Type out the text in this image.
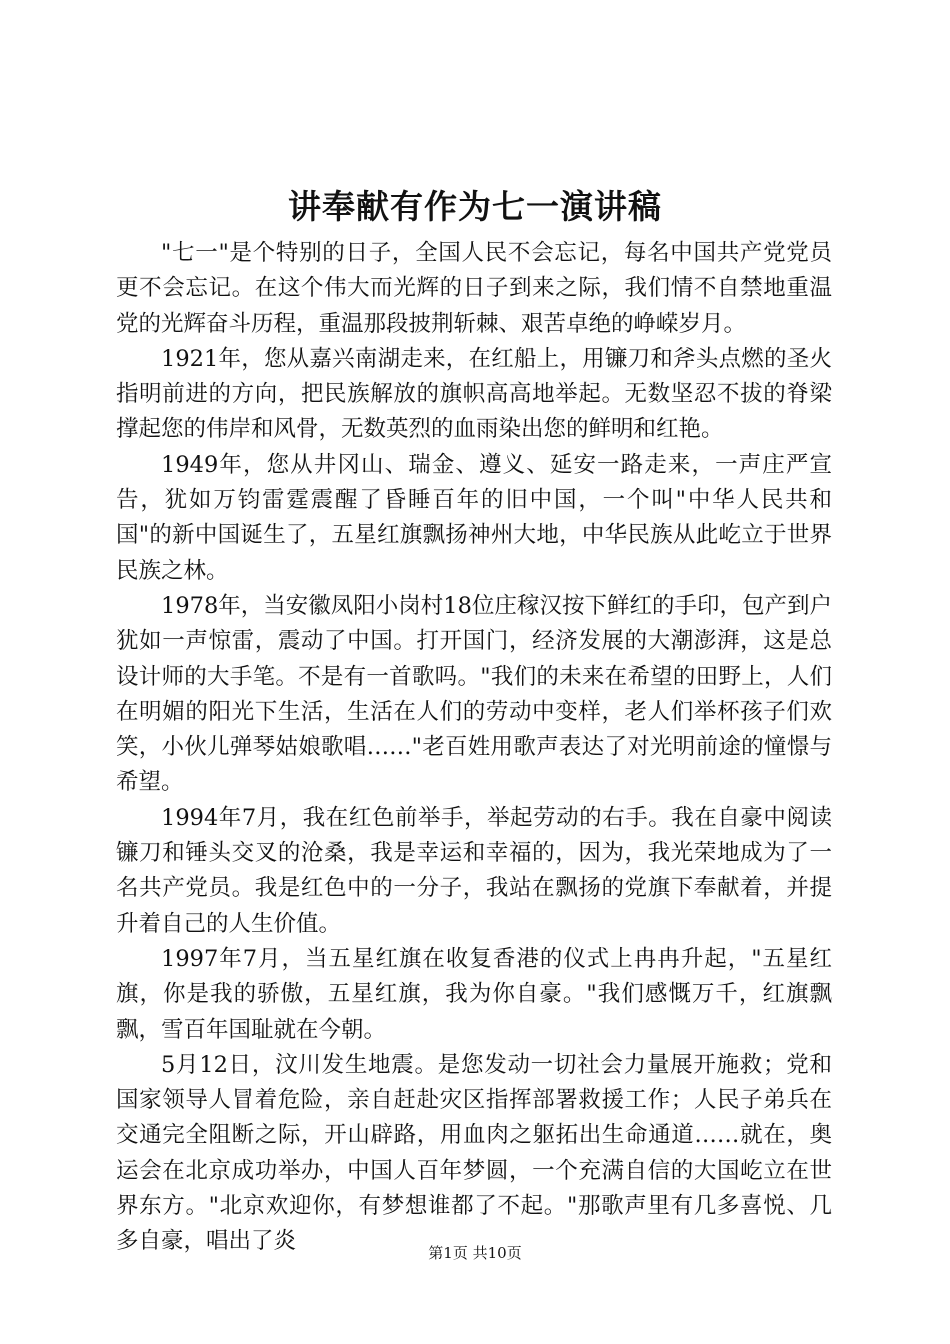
讲奉献有作为七一演讲稿

"七一"是个特别的日子，全国人民不会忘记，每名中国共产党党员更不会忘记。在这个伟大而光辉的日子到来之际，我们情不自禁地重温党的光辉奋斗历程，重温那段披荆斩棘、艰苦卓绝的峥嵘岁月。

1921年，您从嘉兴南湖走来，在红船上，用镰刀和斧头点燃的圣火指明前进的方向，把民族解放的旗帜高高地举起。无数坚忍不拔的脊梁撑起您的伟岸和风骨，无数英烈的血雨染出您的鲜明和红艳。

1949年，您从井冈山、瑞金、遵义、延安一路走来，一声庄严宣告，犹如万钧雷霆震醒了昏睡百年的旧中国，一个叫"中华人民共和国"的新中国诞生了，五星红旗飘扬神州大地，中华民族从此屹立于世界民族之林。

1978年，当安徽凤阳小岗村18位庄稼汉按下鲜红的手印，包产到户犹如一声惊雷，震动了中国。打开国门，经济发展的大潮澎湃，这是总设计师的大手笔。不是有一首歌吗。"我们的未来在希望的田野上，人们在明媚的阳光下生活，生活在人们的劳动中变样，老人们举杯孩子们欢笑，小伙儿弹琴姑娘歌唱……"老百姓用歌声表达了对光明前途的憧憬与希望。

1994年7月，我在红色前举手，举起劳动的右手。我在自豪中阅读镰刀和锤头交叉的沧桑，我是幸运和幸福的，因为，我光荣地成为了一名共产党员。我是红色中的一分子，我站在飘扬的党旗下奉献着，并提升着自己的人生价值。

1997年7月，当五星红旗在收复香港的仪式上冉冉升起，"五星红旗，你是我的骄傲，五星红旗，我为你自豪。"我们感慨万千，红旗飘飘，雪百年国耻就在今朝。

5月12日，汶川发生地震。是您发动一切社会力量展开施救；党和国家领导人冒着危险，亲自赶赴灾区指挥部署救援工作；人民子弟兵在交通完全阻断之际，开山辟路，用血肉之躯拓出生命通道……就在，奥运会在北京成功举办，中国人百年梦圆，一个充满自信的大国屹立在世界东方。"北京欢迎你，有梦想谁都了不起。"那歌声里有几多喜悦、几多自豪，唱出了炎	第1页 共10页
